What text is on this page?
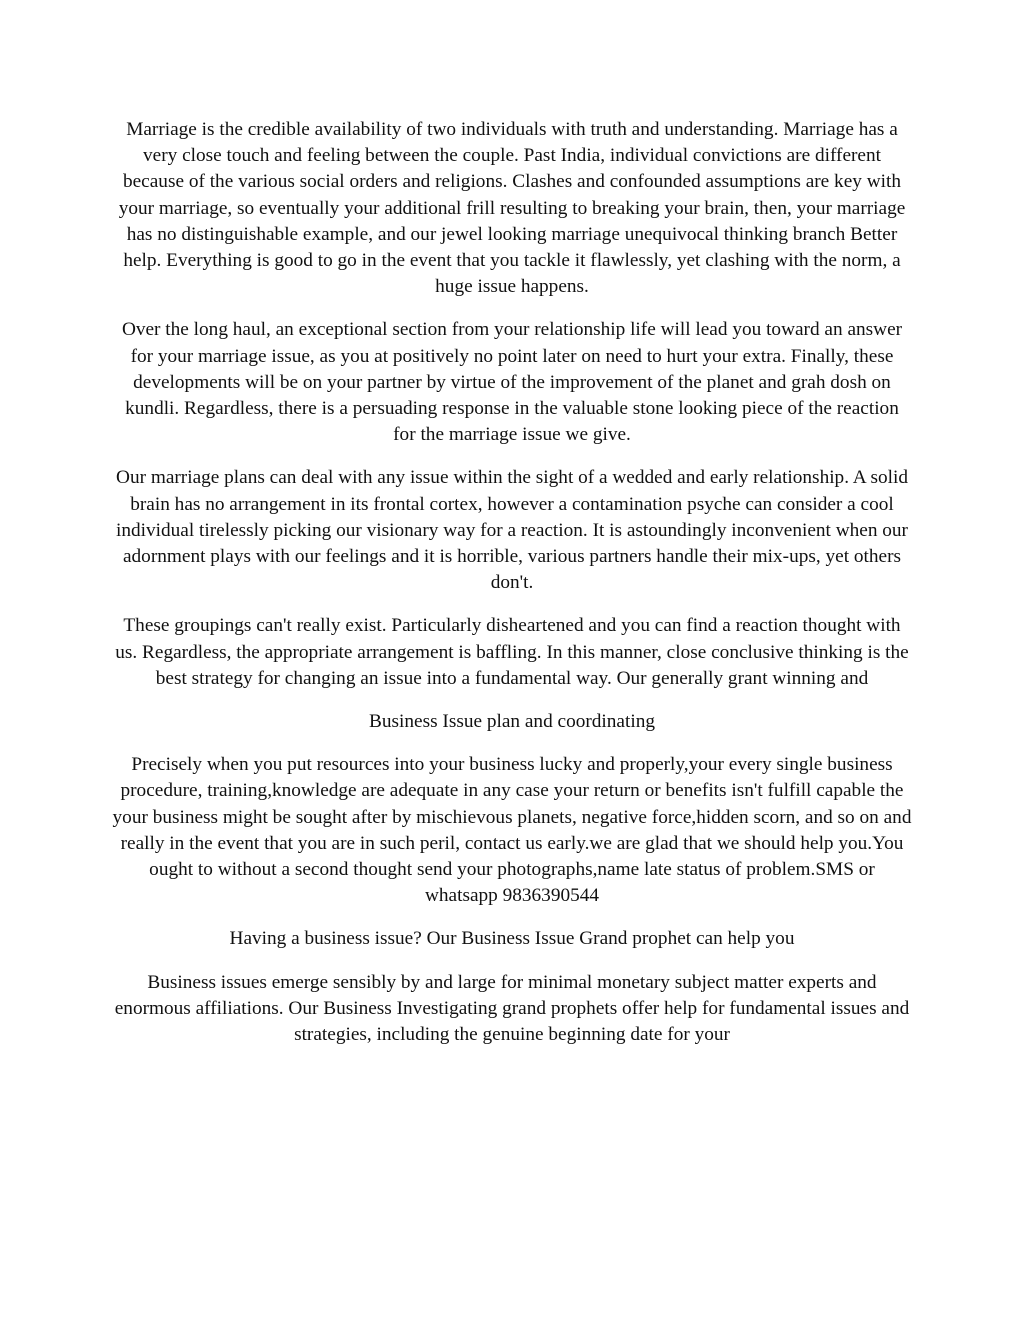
Marriage is the credible availability of two individuals with truth and understanding. Marriage has a very close touch and feeling between the couple. Past India, individual convictions are different because of the various social orders and religions. Clashes and confounded assumptions are key with your marriage, so eventually your additional frill resulting to breaking your brain, then, your marriage has no distinguishable example, and our jewel looking marriage unequivocal thinking branch Better help. Everything is good to go in the event that you tackle it flawlessly, yet clashing with the norm, a huge issue happens.

Over the long haul, an exceptional section from your relationship life will lead you toward an answer for your marriage issue, as you at positively no point later on need to hurt your extra. Finally, these developments will be on your partner by virtue of the improvement of the planet and grah dosh on kundli. Regardless, there is a persuading response in the valuable stone looking piece of the reaction for the marriage issue we give.

Our marriage plans can deal with any issue within the sight of a wedded and early relationship. A solid brain has no arrangement in its frontal cortex, however a contamination psyche can consider a cool individual tirelessly picking our visionary way for a reaction. It is astoundingly inconvenient when our adornment plays with our feelings and it is horrible, various partners handle their mix-ups, yet others don't.

These groupings can't really exist. Particularly disheartened and you can find a reaction thought with us. Regardless, the appropriate arrangement is baffling. In this manner, close conclusive thinking is the best strategy for changing an issue into a fundamental way. Our generally grant winning and

Business Issue plan and coordinating

Precisely when you put resources into your business lucky and properly,your every single business procedure, training,knowledge are adequate in any case your return or benefits isn't fulfill capable the your business might be sought after by mischievous planets, negative force,hidden scorn, and so on and really in the event that you are in such peril, contact us early.we are glad that we should help you.You ought to without a second thought send your photographs,name late status of problem.SMS or whatsapp 9836390544

Having a business issue? Our Business Issue Grand prophet can help you

Business issues emerge sensibly by and large for minimal monetary subject matter experts and enormous affiliations. Our Business Investigating grand prophets offer help for fundamental issues and strategies, including the genuine beginning date for your
